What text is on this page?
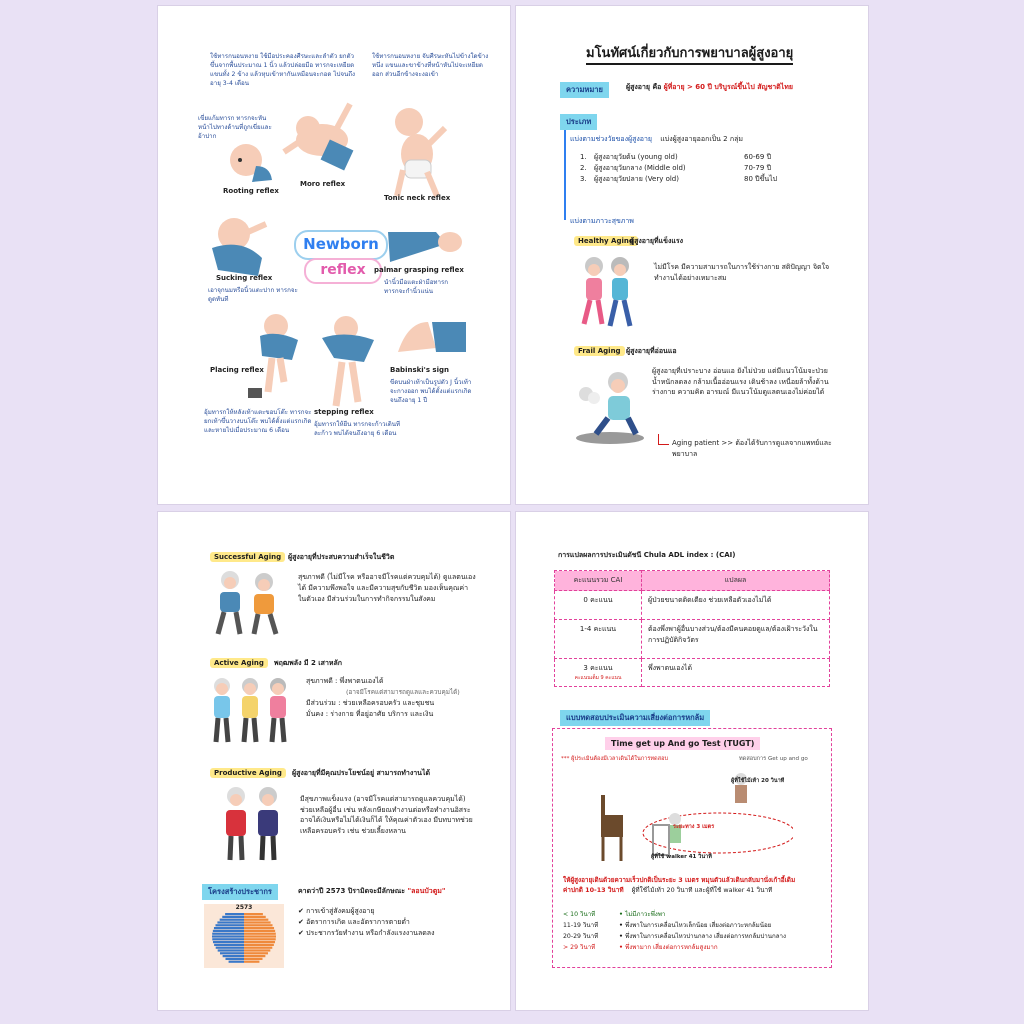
ใช้ทารกนอนหงาย ใช้มือประคองศีรษะและลำตัว ยกตัวขึ้นจากพื้นประมาณ 1 นิ้ว แล้วปล่อยมือ ทารกจะเหยียดแขนทั้ง 2 ข้าง แล้วหุบเข้าหากันเหมือนจะกอด ไปจนถึงอายุ 3-4 เดือน
ใช้ทารกนอนหงาย จับศีรษะหันไปข้างใดข้างหนึ่ง แขนและขาข้างที่หน้าหันไปจะเหยียดออก ส่วนอีกข้างจะงอเข้า
เขี่ยแก้มทารก ทารกจะหันหน้าไปทางด้านที่ถูกเขี่ยและอ้าปาก
Rooting reflex
Moro reflex
Tonic neck reflex
Sucking reflex
เอาจุกนมหรือนิ้วแตะปาก ทารกจะดูดทันที
Newborn
reflex	palmar grasping reflex
นำนิ้วมือแตะฝ่ามือทารก ทารกจะกำนิ้วแน่น
Placing reflex
stepping reflex
อุ้มทารกให้ยืน ทารกจะก้าวเดินทีละก้าว พบได้จนถึงอายุ 6 เดือน
Babinski's sign
ขีดบนฝ่าเท้าเป็นรูปตัว J นิ้วเท้าจะกางออก พบได้ตั้งแต่แรกเกิดจนถึงอายุ 1 ปี
อุ้มทารกให้หลังเท้าแตะขอบโต๊ะ ทารกจะยกเท้าขึ้นวางบนโต๊ะ พบได้ตั้งแต่แรกเกิด และหายไปเมื่อประมาณ 6 เดือน
มโนทัศน์เกี่ยวกับการพยาบาลผู้สูงอายุ
ความหมาย	ผู้สูงอายุ คือ ผู้ที่อายุ > 60 ปี บริบูรณ์ขึ้นไป สัญชาติไทย
ประเภท
แบ่งตามช่วงวัยของผู้สูงอายุ แบ่งผู้สูงอายุออกเป็น 2 กลุ่ม
1. ผู้สูงอายุวัยต้น (young old)	60-69 ปี
2. ผู้สูงอายุวัยกลาง (Middle old)	70-79 ปี
3. ผู้สูงอายุวัยปลาย (Very old)	80 ปีขึ้นไป
แบ่งตามภาวะสุขภาพ
Healthy Aging
ผู้สูงอายุที่แข็งแรง
ไม่มีโรค มีความสามารถในการใช้ร่างกาย สติปัญญา จิตใจ ทำงานได้อย่างเหมาะสม
Frail Aging ผู้สูงอายุที่อ่อนแอ
ผู้สูงอายุที่เปราะบาง อ่อนแอ ยังไม่ป่วย แต่มีแนวโน้มจะป่วย น้ำหนักลดลง กล้ามเนื้ออ่อนแรง เดินช้าลง เหนื่อยล้าทั้งด้านร่างกาย ความคิด อารมณ์ มีแนวโน้มดูแลตนเองไม่ค่อยได้
Aging patient >> ต้องได้รับการดูแลจากแพทย์และพยาบาล
Successful Aging ผู้สูงอายุที่ประสบความสำเร็จในชีวิต
สุขภาพดี (ไม่มีโรค หรืออาจมีโรคแต่ควบคุมได้) ดูแลตนเองได้ มีความพึงพอใจ และมีความสุขกับชีวิต มองเห็นคุณค่าในตัวเอง มีส่วนร่วมในการทำกิจกรรมในสังคม
Active Aging	พฤฒพลัง มี 2 เสาหลัก
สุขภาพดี : พึ่งพาตนเองได้
(อาจมีโรคแต่สามารถดูแลและควบคุมได้)
มีส่วนร่วม : ช่วยเหลือครอบครัว และชุมชน
มั่นคง : ร่างกาย ที่อยู่อาศัย บริการ และเงิน
Productive Aging	ผู้สูงอายุที่มีคุณประโยชน์อยู่ สามารถทำงานได้
มีสุขภาพแข็งแรง (อาจมีโรคแต่สามารถดูแลควบคุมได้) ช่วยเหลือผู้อื่น เช่น หลังเกษียณทำงานต่อหรือทำงานอิสระ อาจได้เงินหรือไม่ได้เงินก็ได้ ให้คุณค่าตัวเอง มีบทบาทช่วยเหลือครอบครัว เช่น ช่วยเลี้ยงหลาน
โครงสร้างประชากร	คาดว่าปี 2573 ปิรามิดจะมีลักษณะ "ลอนบัวตูม"
2573	✔ การเข้าสู่สังคมผู้สูงอายุ
✔ อัตราการเกิด และอัตราการตายต่ำ
✔ ประชากรวัยทำงาน หรือกำลังแรงงานลดลง
การแปลผลการประเมินดัชนี Chula ADL index : (CAI)
คะแนนรวม CAI	แปลผล
0 คะแนน	ผู้ป่วยขนาดติดเตียง ช่วยเหลือตัวเองไม่ได้
1-4 คะแนน	ต้องพึ่งพาผู้อื่นบางส่วน/ต้องมีคนคอยดูแล/ต้องเฝ้าระวังในการปฏิบัติกิจวัตร

3 คะแนน
คะแนนเต็ม 9 คะแนน	พึ่งพาตนเองได้
แบบทดสอบประเมินความเสี่ยงต่อการหกล้ม
Time get up And go Test (TUGT)
*** ผู้ประเมินต้องมีเวลาเดินได้ในการทดสอบ	ทดสอบการ Get up and go
ผู้ที่ใช้ไม้เท้า 20 วินาที
ระยะทาง 3 เมตร
ผู้ที่ใช้ walker 41 วินาที
ให้ผู้สูงอายุเดินด้วยความเร็วปกติเป็นระยะ 3 เมตร หมุนตัวแล้วเดินกลับมานั่งเก้าอี้เดิม
ค่าปกติ 10-13 วินาที ผู้ที่ใช้ไม้เท้า 20 วินาที และผู้ที่ใช้ walker 41 วินาที
< 10 วินาที	• ไม่มีภาวะพึ่งพา
11-19 วินาที	• พึ่งพาในการเคลื่อนไหวเล็กน้อย เสี่ยงต่อภาวะหกล้มน้อย
20-29 วินาที	• พึ่งพาในการเคลื่อนไหวปานกลาง เสี่ยงต่อการหกล้มปานกลาง
> 29 วินาที	• พึ่งพามาก เสี่ยงต่อการหกล้มสูงมาก
